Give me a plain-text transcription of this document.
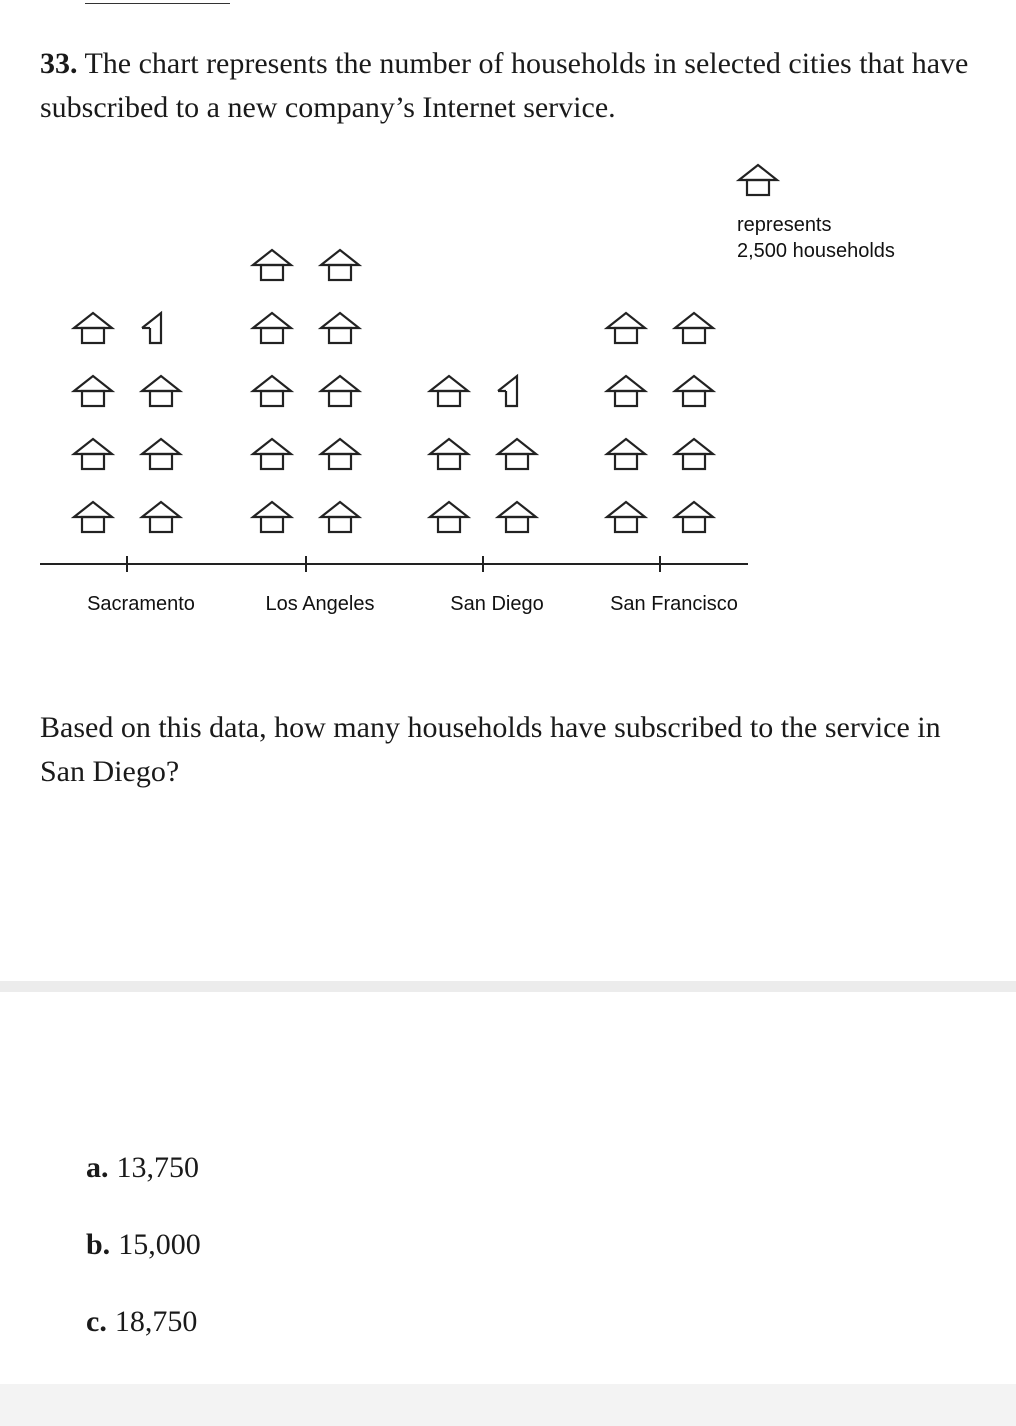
33. The chart represents the number of households in selected cities that have subscribed to a new company’s Internet service.
Sacramento	Los Angeles	San Diego	San Francisco
represents
2,500 households
Based on this data, how many households have subscribed to the service in San Diego?
a. 13,750
b. 15,000
c. 18,750
